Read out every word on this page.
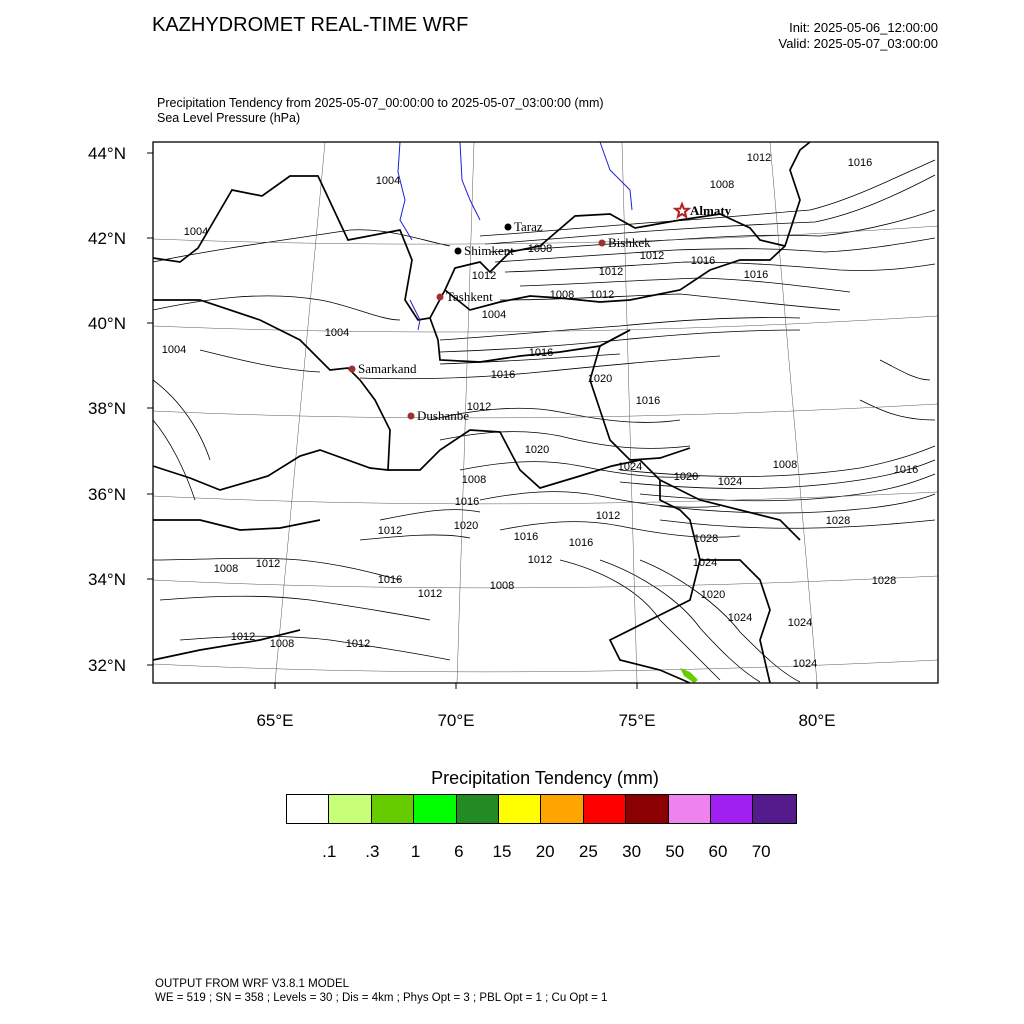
KAZHYDROMET REAL-TIME WRF	Init: 2025-05-06_12:00:00
Valid: 2025-05-07_03:00:00
Precipitation Tendency from 2025-05-07_00:00:00 to 2025-05-07_03:00:00 (mm)
Sea Level Pressure (hPa)
1012	1016
1008
1004
1004
1008
1012
1016
1016
1012
1012
1008
1012
1004
1016
1004
1004
1016	1020
1016
1012
1020
1024
1020 1024
1008
1016
1028
1016
1008
1012	1020
1016	1016
1012
1028
1024
1028
1008
1012
1016
1012
1008
1020
1024	1024
1012
1008	1012
1024
1012
Taraz
Shimkent
Bishkek
Tashkent
Samarkand
Dushanbe
Almaty
44°N
42°N
40°N
38°N
36°N
34°N
32°N
65°E	70°E	75°E	80°E
Precipitation Tendency (mm)
.1 .3 1 6 15 20 25 30 50 60 70
OUTPUT FROM WRF V3.8.1 MODEL
WE = 519 ; SN = 358 ; Levels = 30 ; Dis = 4km ; Phys Opt = 3 ; PBL Opt = 1 ; Cu Opt = 1
